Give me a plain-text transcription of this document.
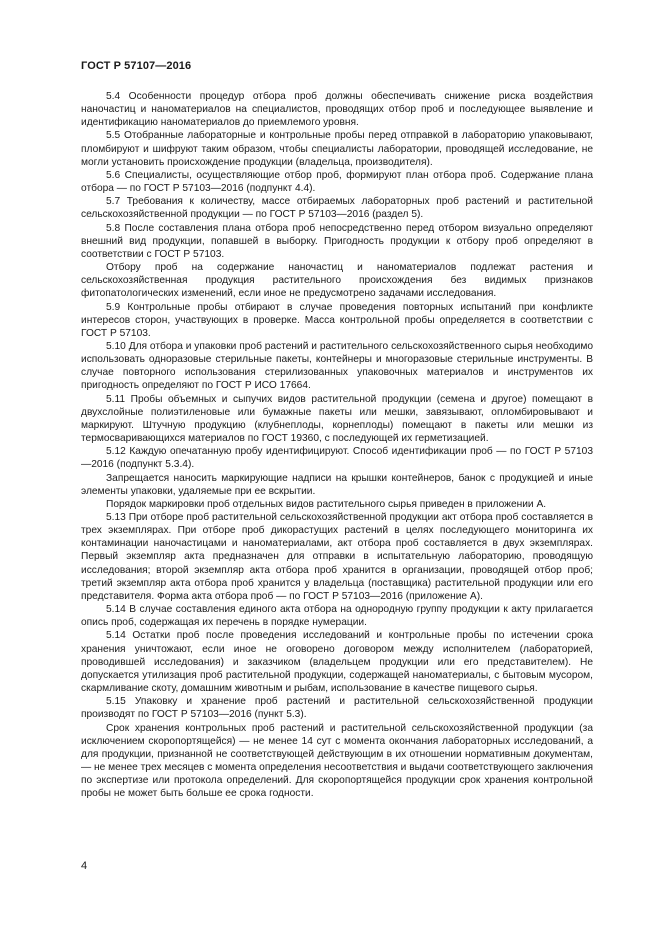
ГОСТ Р 57107—2016

5.4 Особенности процедур отбора проб должны обеспечивать снижение риска воздействия наночастиц и наноматериалов на специалистов, проводящих отбор проб и последующее выявление и идентификацию наноматериалов до приемлемого уровня.

5.5 Отобранные лабораторные и контрольные пробы перед отправкой в лабораторию упаковывают, пломбируют и шифруют таким образом, чтобы специалисты лаборатории, проводящей исследование, не могли установить происхождение продукции (владельца, производителя).

5.6 Специалисты, осуществляющие отбор проб, формируют план отбора проб. Содержание плана отбора — по ГОСТ Р 57103—2016 (подпункт 4.4).

5.7 Требования к количеству, массе отбираемых лабораторных проб растений и растительной сельскохозяйственной продукции — по ГОСТ Р 57103—2016 (раздел 5).

5.8 После составления плана отбора проб непосредственно перед отбором визуально определяют внешний вид продукции, попавшей в выборку. Пригодность продукции к отбору проб определяют в соответствии с ГОСТ Р 57103.

Отбору проб на содержание наночастиц и наноматериалов подлежат растения и сельскохозяйственная продукция растительного происхождения без видимых признаков фитопатологических изменений, если иное не предусмотрено задачами исследования.

5.9 Контрольные пробы отбирают в случае проведения повторных испытаний при конфликте интересов сторон, участвующих в проверке. Масса контрольной пробы определяется в соответствии с ГОСТ Р 57103.

5.10 Для отбора и упаковки проб растений и растительного сельскохозяйственного сырья необходимо использовать одноразовые стерильные пакеты, контейнеры и многоразовые стерильные инструменты. В случае повторного использования стерилизованных упаковочных материалов и инструментов их пригодность определяют по ГОСТ Р ИСО 17664.

5.11 Пробы объемных и сыпучих видов растительной продукции (семена и другое) помещают в двухслойные полиэтиленовые или бумажные пакеты или мешки, завязывают, опломбировывают и маркируют. Штучную продукцию (клубнеплоды, корнеплоды) помещают в пакеты или мешки из термосваривающихся материалов по ГОСТ 19360, с последующей их герметизацией.

5.12 Каждую опечатанную пробу идентифицируют. Способ идентификации проб — по ГОСТ Р 57103—2016 (подпункт 5.3.4).

Запрещается наносить маркирующие надписи на крышки контейнеров, банок с продукцией и иные элементы упаковки, удаляемые при ее вскрытии.

Порядок маркировки проб отдельных видов растительного сырья приведен в приложении А.

5.13 При отборе проб растительной сельскохозяйственной продукции акт отбора проб составляется в трех экземплярах. При отборе проб дикорастущих растений в целях последующего мониторинга их контаминации наночастицами и наноматериалами, акт отбора проб составляется в двух экземплярах. Первый экземпляр акта предназначен для отправки в испытательную лабораторию, проводящую исследования; второй экземпляр акта отбора проб хранится в организации, проводящей отбор проб; третий экземпляр акта отбора проб хранится у владельца (поставщика) растительной продукции или его представителя. Форма акта отбора проб — по ГОСТ Р 57103—2016 (приложение А).

5.14 В случае составления единого акта отбора на однородную группу продукции к акту прилагается опись проб, содержащая их перечень в порядке нумерации.

5.14 Остатки проб после проведения исследований и контрольные пробы по истечении срока хранения уничтожают, если иное не оговорено договором между исполнителем (лабораторией, проводившей исследования) и заказчиком (владельцем продукции или его представителем). Не допускается утилизация проб растительной продукции, содержащей наноматериалы, с бытовым мусором, скармливание скоту, домашним животным и рыбам, использование в качестве пищевого сырья.

5.15 Упаковку и хранение проб растений и растительной сельскохозяйственной продукции производят по ГОСТ Р 57103—2016 (пункт 5.3).

Срок хранения контрольных проб растений и растительной сельскохозяйственной продукции (за исключением скоропортящейся) — не менее 14 сут с момента окончания лабораторных исследований, а для продукции, признанной не соответствующей действующим в их отношении нормативным документам, — не менее трех месяцев с момента определения несоответствия и выдачи соответствующего заключения по экспертизе или протокола определений. Для скоропортящейся продукции срок хранения контрольной пробы не может быть больше ее срока годности.

4
